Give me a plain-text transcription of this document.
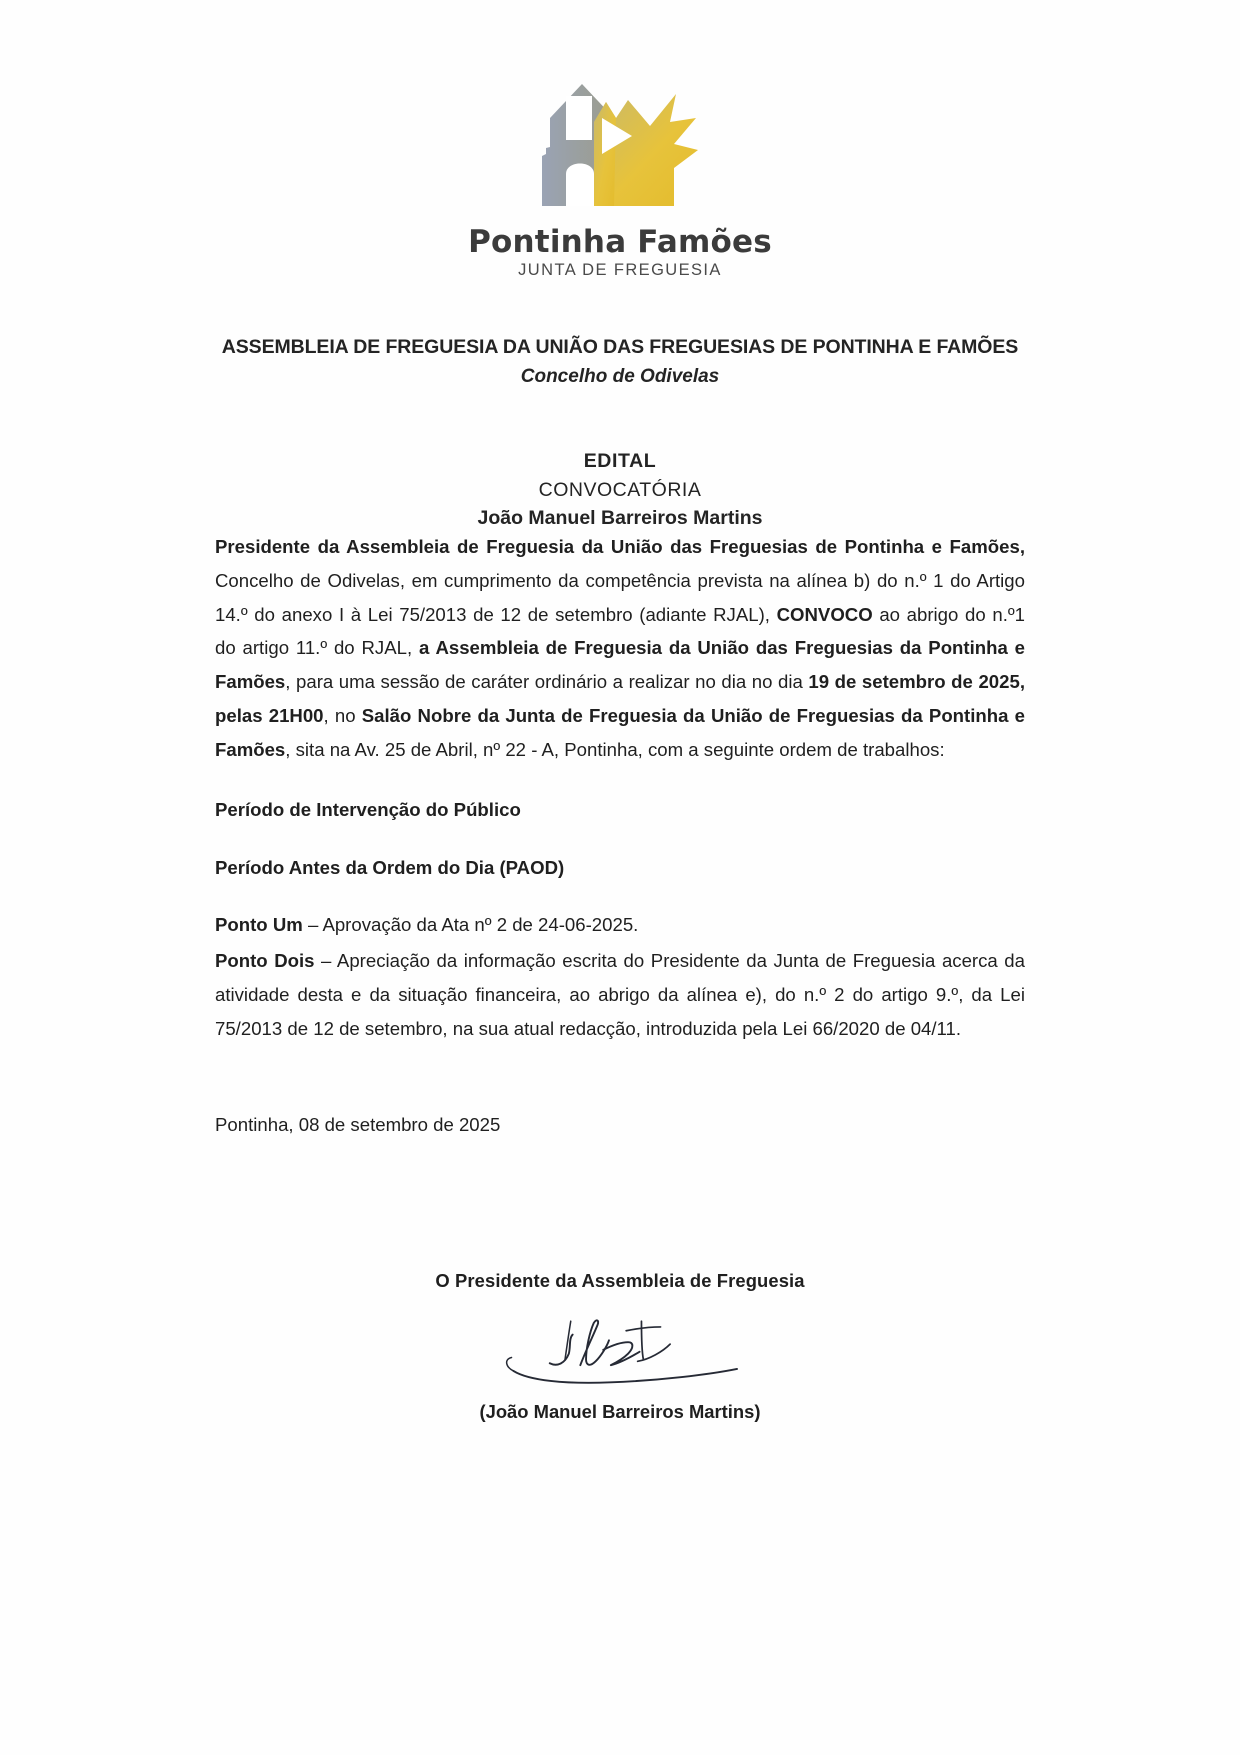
Pontinha Famões
JUNTA DE FREGUESIA
ASSEMBLEIA DE FREGUESIA DA UNIÃO DAS FREGUESIAS DE PONTINHA E FAMÕES
Concelho de Odivelas
EDITAL
CONVOCATÓRIA
João Manuel Barreiros Martins

Presidente da Assembleia de Freguesia da União das Freguesias de Pontinha e Famões, Concelho de Odivelas, em cumprimento da competência prevista na alínea b) do n.º 1 do Artigo 14.º do anexo I à Lei 75/2013 de 12 de setembro (adiante RJAL), CONVOCO ao abrigo do n.º1 do artigo 11.º do RJAL, a Assembleia de Freguesia da União das Freguesias da Pontinha e Famões, para uma sessão de caráter ordinário a realizar no dia no dia 19 de setembro de 2025, pelas 21H00, no Salão Nobre da Junta de Freguesia da União de Freguesias da Pontinha e Famões, sita na Av. 25 de Abril, nº 22 - A, Pontinha, com a seguinte ordem de trabalhos:

Período de Intervenção do Público
Período Antes da Ordem do Dia (PAOD)
Ponto Um – Aprovação da Ata nº 2 de 24-06-2025.
Ponto Dois – Apreciação da informação escrita do Presidente da Junta de Freguesia acerca da atividade desta e da situação financeira, ao abrigo da alínea e), do n.º 2 do artigo 9.º, da Lei 75/2013 de 12 de setembro, na sua atual redacção, introduzida pela Lei 66/2020 de 04/11.
Pontinha, 08 de setembro de 2025
O Presidente da Assembleia de Freguesia
(João Manuel Barreiros Martins)
